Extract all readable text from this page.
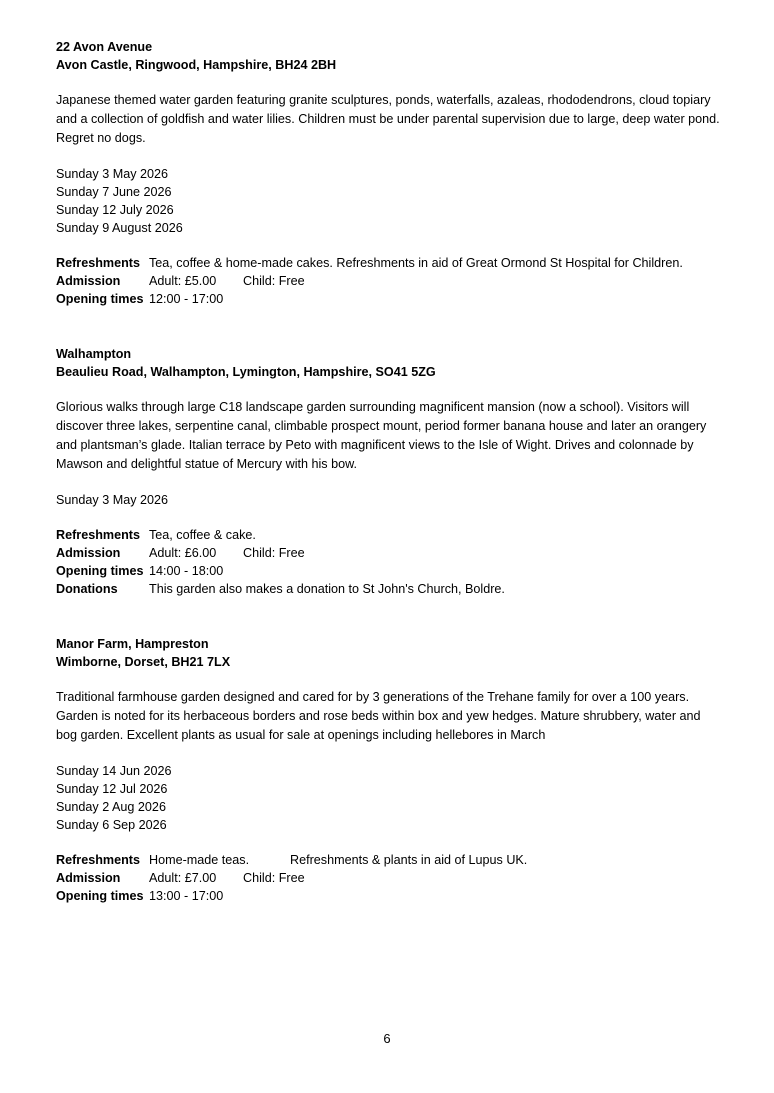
22 Avon Avenue

Avon Castle, Ringwood, Hampshire, BH24 2BH

Japanese themed water garden featuring granite sculptures, ponds, waterfalls, azaleas, rhododendrons, cloud topiary and a collection of goldfish and water lilies. Children must be under parental supervision due to large, deep water pond. Regret no dogs.

Sunday 3 May 2026
Sunday 7 June 2026
Sunday 12 July 2026
Sunday 9 August 2026
Refreshments Tea, coffee & home-made cakes. Refreshments in aid of Great Ormond St Hospital for Children.
Admission	Adult: £5.00 Child: Free
Opening times 12:00 - 17:00

Walhampton

Beaulieu Road, Walhampton, Lymington, Hampshire, SO41 5ZG

Glorious walks through large C18 landscape garden surrounding magnificent mansion (now a school). Visitors will discover three lakes, serpentine canal, climbable prospect mount, period former banana house and later an orangery and plantsman’s glade. Italian terrace by Peto with magnificent views to the Isle of Wight. Drives and colonnade by Mawson and delightful statue of Mercury with his bow.

Sunday 3 May 2026
Refreshments Tea, coffee & cake.
Admission	Adult: £6.00 Child: Free
Opening times 14:00 - 18:00
Donations	This garden also makes a donation to St John's Church, Boldre.

Manor Farm, Hampreston

Wimborne, Dorset, BH21 7LX

Traditional farmhouse garden designed and cared for by 3 generations of the Trehane family for over a 100 years. Garden is noted for its herbaceous borders and rose beds within box and yew hedges. Mature shrubbery, water and bog garden. Excellent plants as usual for sale at openings including hellebores in March

Sunday 14 Jun 2026
Sunday 12 Jul 2026
Sunday 2 Aug 2026
Sunday 6 Sep 2026
Refreshments Home-made teas.	Refreshments & plants in aid of Lupus UK.
Admission	Adult: £7.00 Child: Free
Opening times 13:00 - 17:00
6
